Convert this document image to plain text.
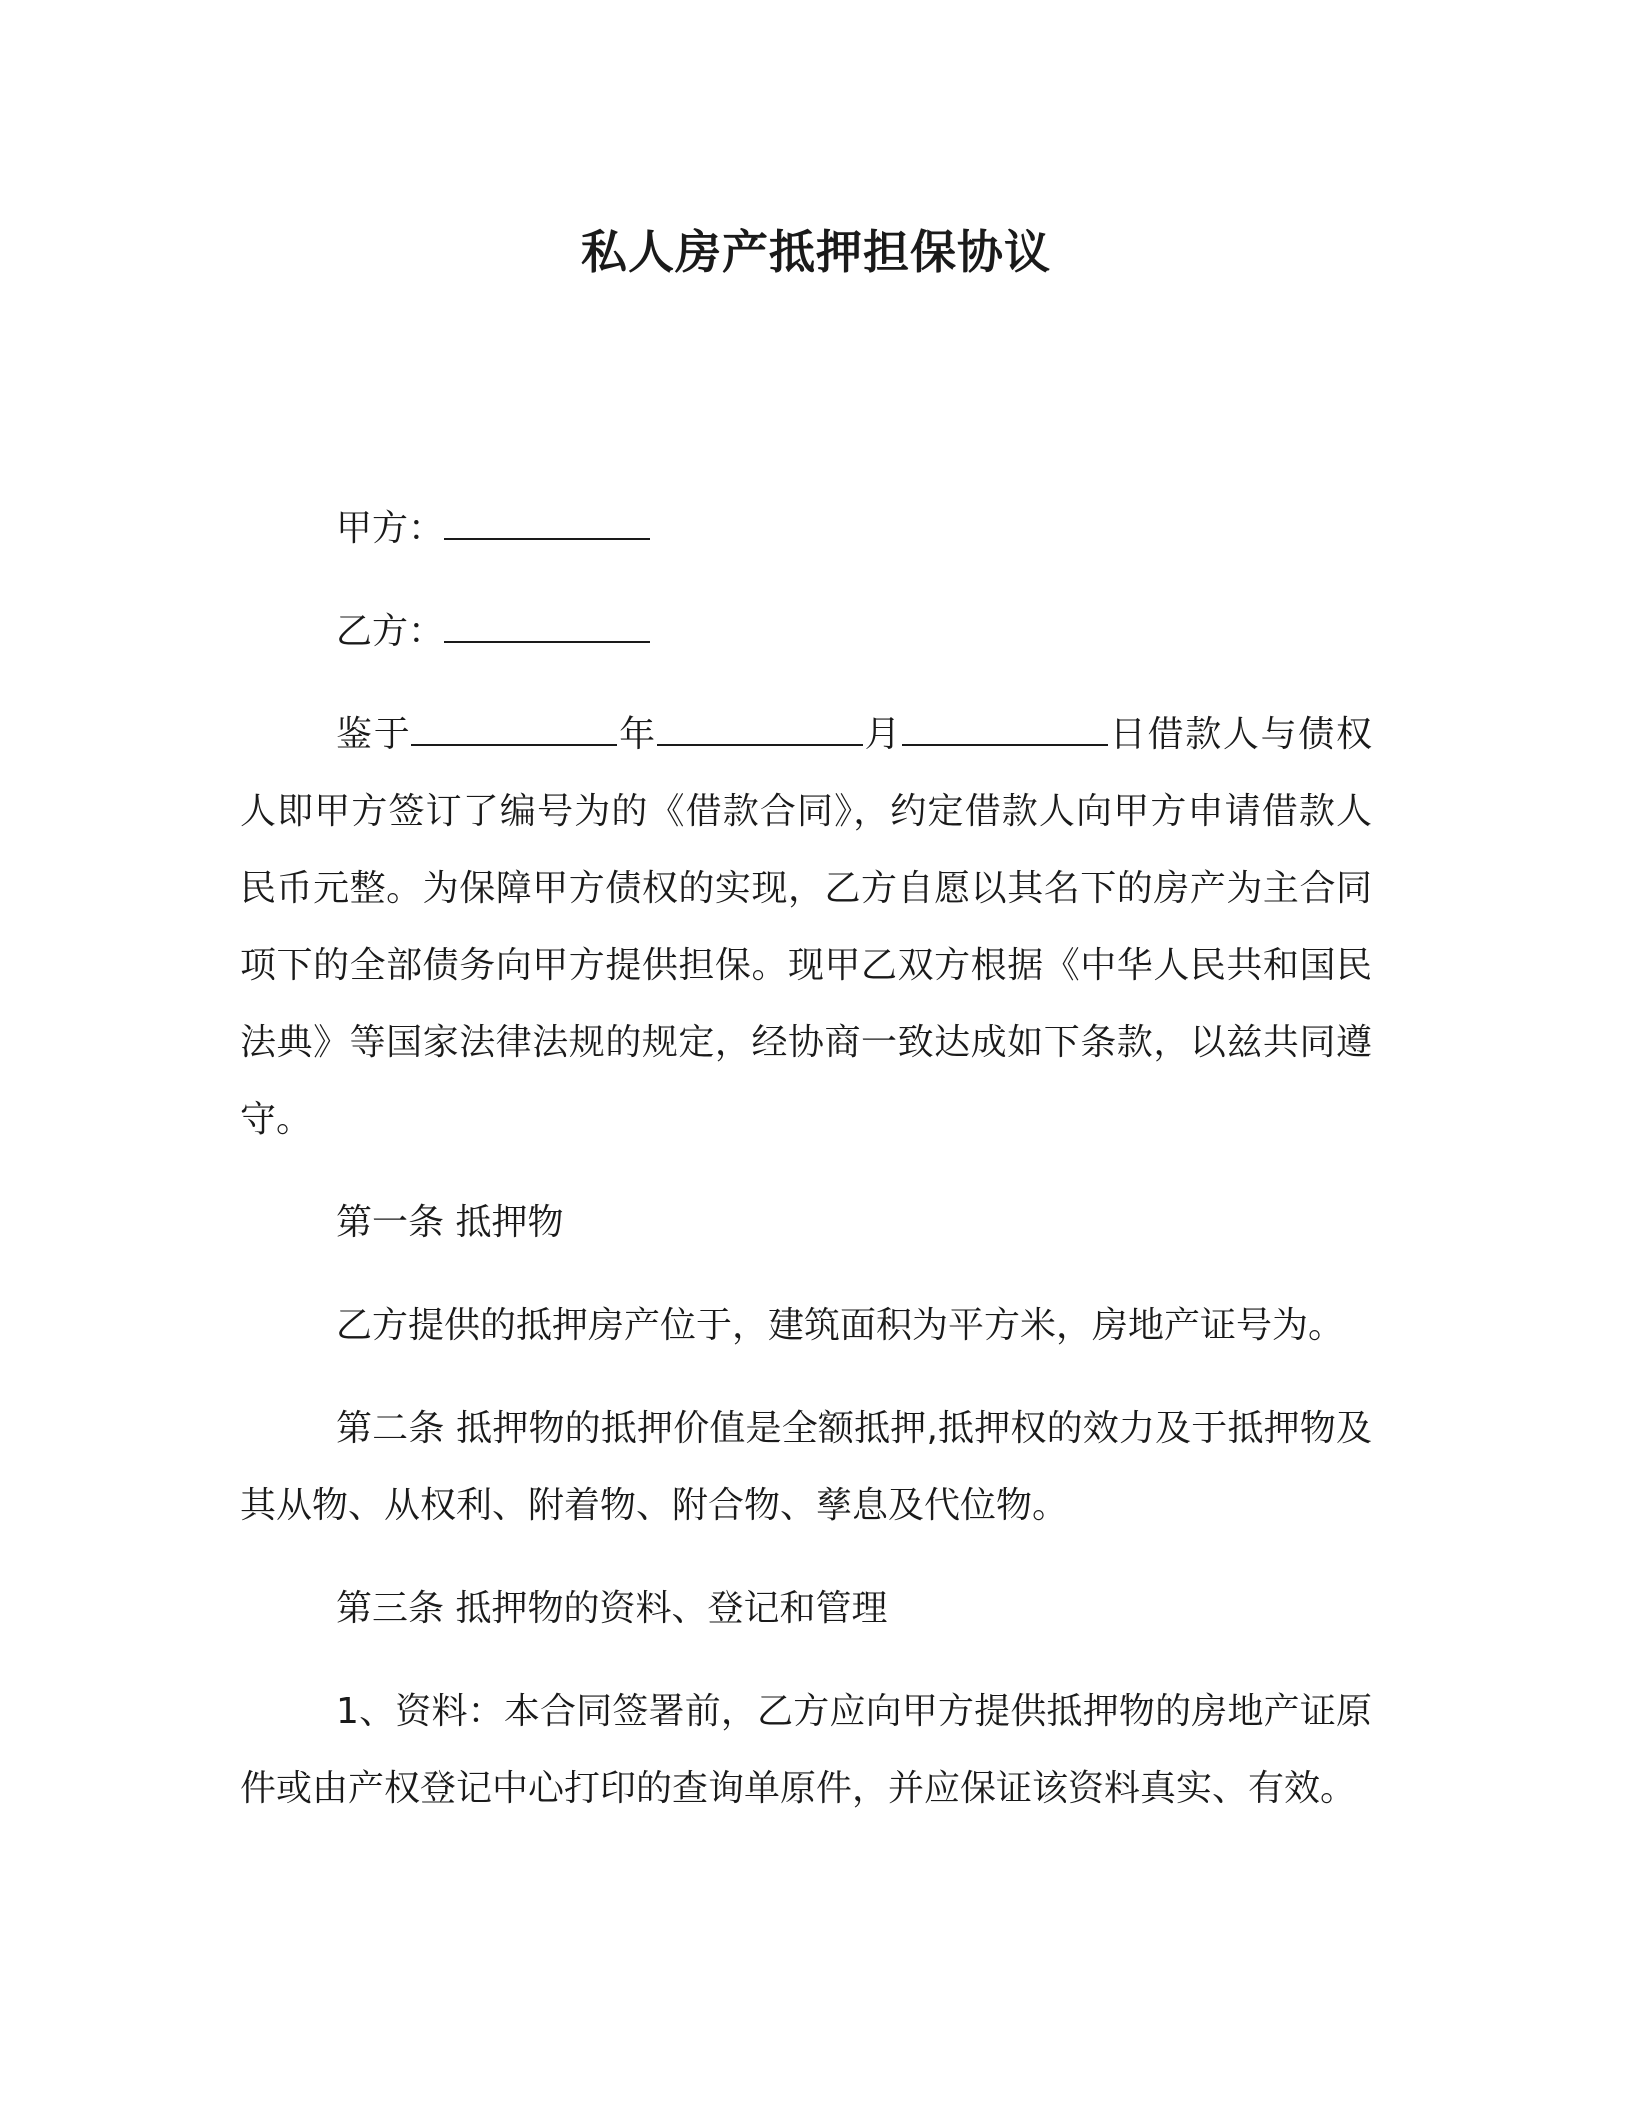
私人房产抵押担保协议

甲方：

乙方：

鉴于	年	月	日借款人与债权人即甲方签订了编号为的《借款合同》，约定借款人向甲方申请借款人民币元整。为保障甲方债权的实现，乙方自愿以其名下的房产为主合同项下的全部债务向甲方提供担保。现甲乙双方根据《中华人民共和国民法典》等国家法律法规的规定，经协商一致达成如下条款，以兹共同遵守。

第一条 抵押物

乙方提供的抵押房产位于，建筑面积为平方米，房地产证号为。

第二条 抵押物的抵押价值是全额抵押,抵押权的效力及于抵押物及其从物、从权利、附着物、附合物、孳息及代位物。

第三条 抵押物的资料、登记和管理

1、资料：本合同签署前，乙方应向甲方提供抵押物的房地产证原件或由产权登记中心打印的查询单原件，并应保证该资料真实、有效。
